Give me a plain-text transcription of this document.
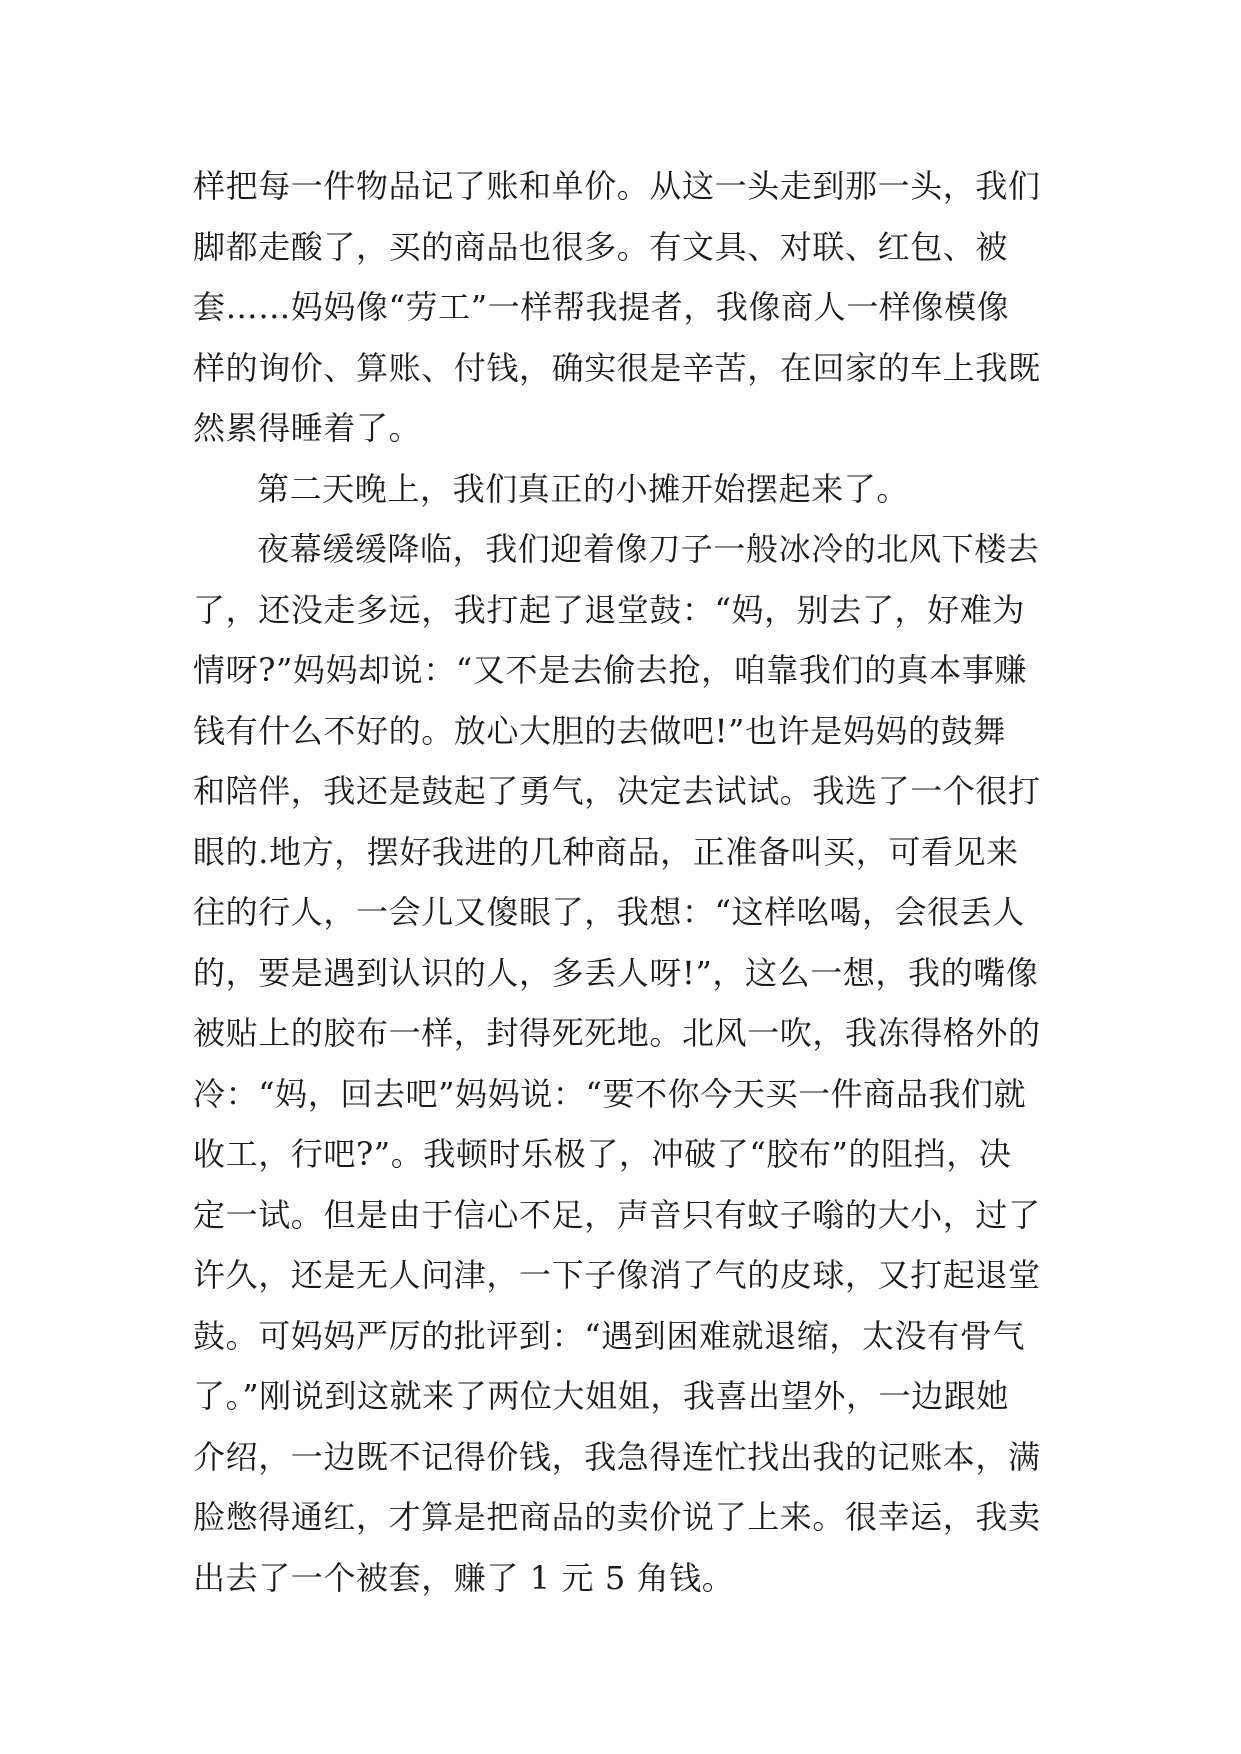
样把每一件物品记了账和单价。从这一头走到那一头，我们
脚都走酸了，买的商品也很多。有文具、对联、红包、被
套……妈妈像“劳工”一样帮我提者，我像商人一样像模像
样的询价、算账、付钱，确实很是辛苦，在回家的车上我既
然累得睡着了。
第二天晚上，我们真正的小摊开始摆起来了。
夜幕缓缓降临，我们迎着像刀子一般冰冷的北风下楼去
了，还没走多远，我打起了退堂鼓：“妈，别去了，好难为
情呀?”妈妈却说：“又不是去偷去抢，咱靠我们的真本事赚
钱有什么不好的。放心大胆的去做吧!”也许是妈妈的鼓舞
和陪伴，我还是鼓起了勇气，决定去试试。我选了一个很打
眼的.地方，摆好我进的几种商品，正准备叫买，可看见来
往的行人，一会儿又傻眼了，我想：“这样吆喝，会很丢人
的，要是遇到认识的人，多丢人呀!”，这么一想，我的嘴像
被贴上的胶布一样，封得死死地。北风一吹，我冻得格外的
冷：“妈，回去吧”妈妈说：“要不你今天买一件商品我们就
收工，行吧?”。我顿时乐极了，冲破了“胶布”的阻挡，决
定一试。但是由于信心不足，声音只有蚊子嗡的大小，过了
许久，还是无人问津，一下子像消了气的皮球，又打起退堂
鼓。可妈妈严厉的批评到：“遇到困难就退缩，太没有骨气
了。”刚说到这就来了两位大姐姐，我喜出望外，一边跟她
介绍，一边既不记得价钱，我急得连忙找出我的记账本，满
脸憋得通红，才算是把商品的卖价说了上来。很幸运，我卖
出去了一个被套，赚了 1 元 5 角钱。
